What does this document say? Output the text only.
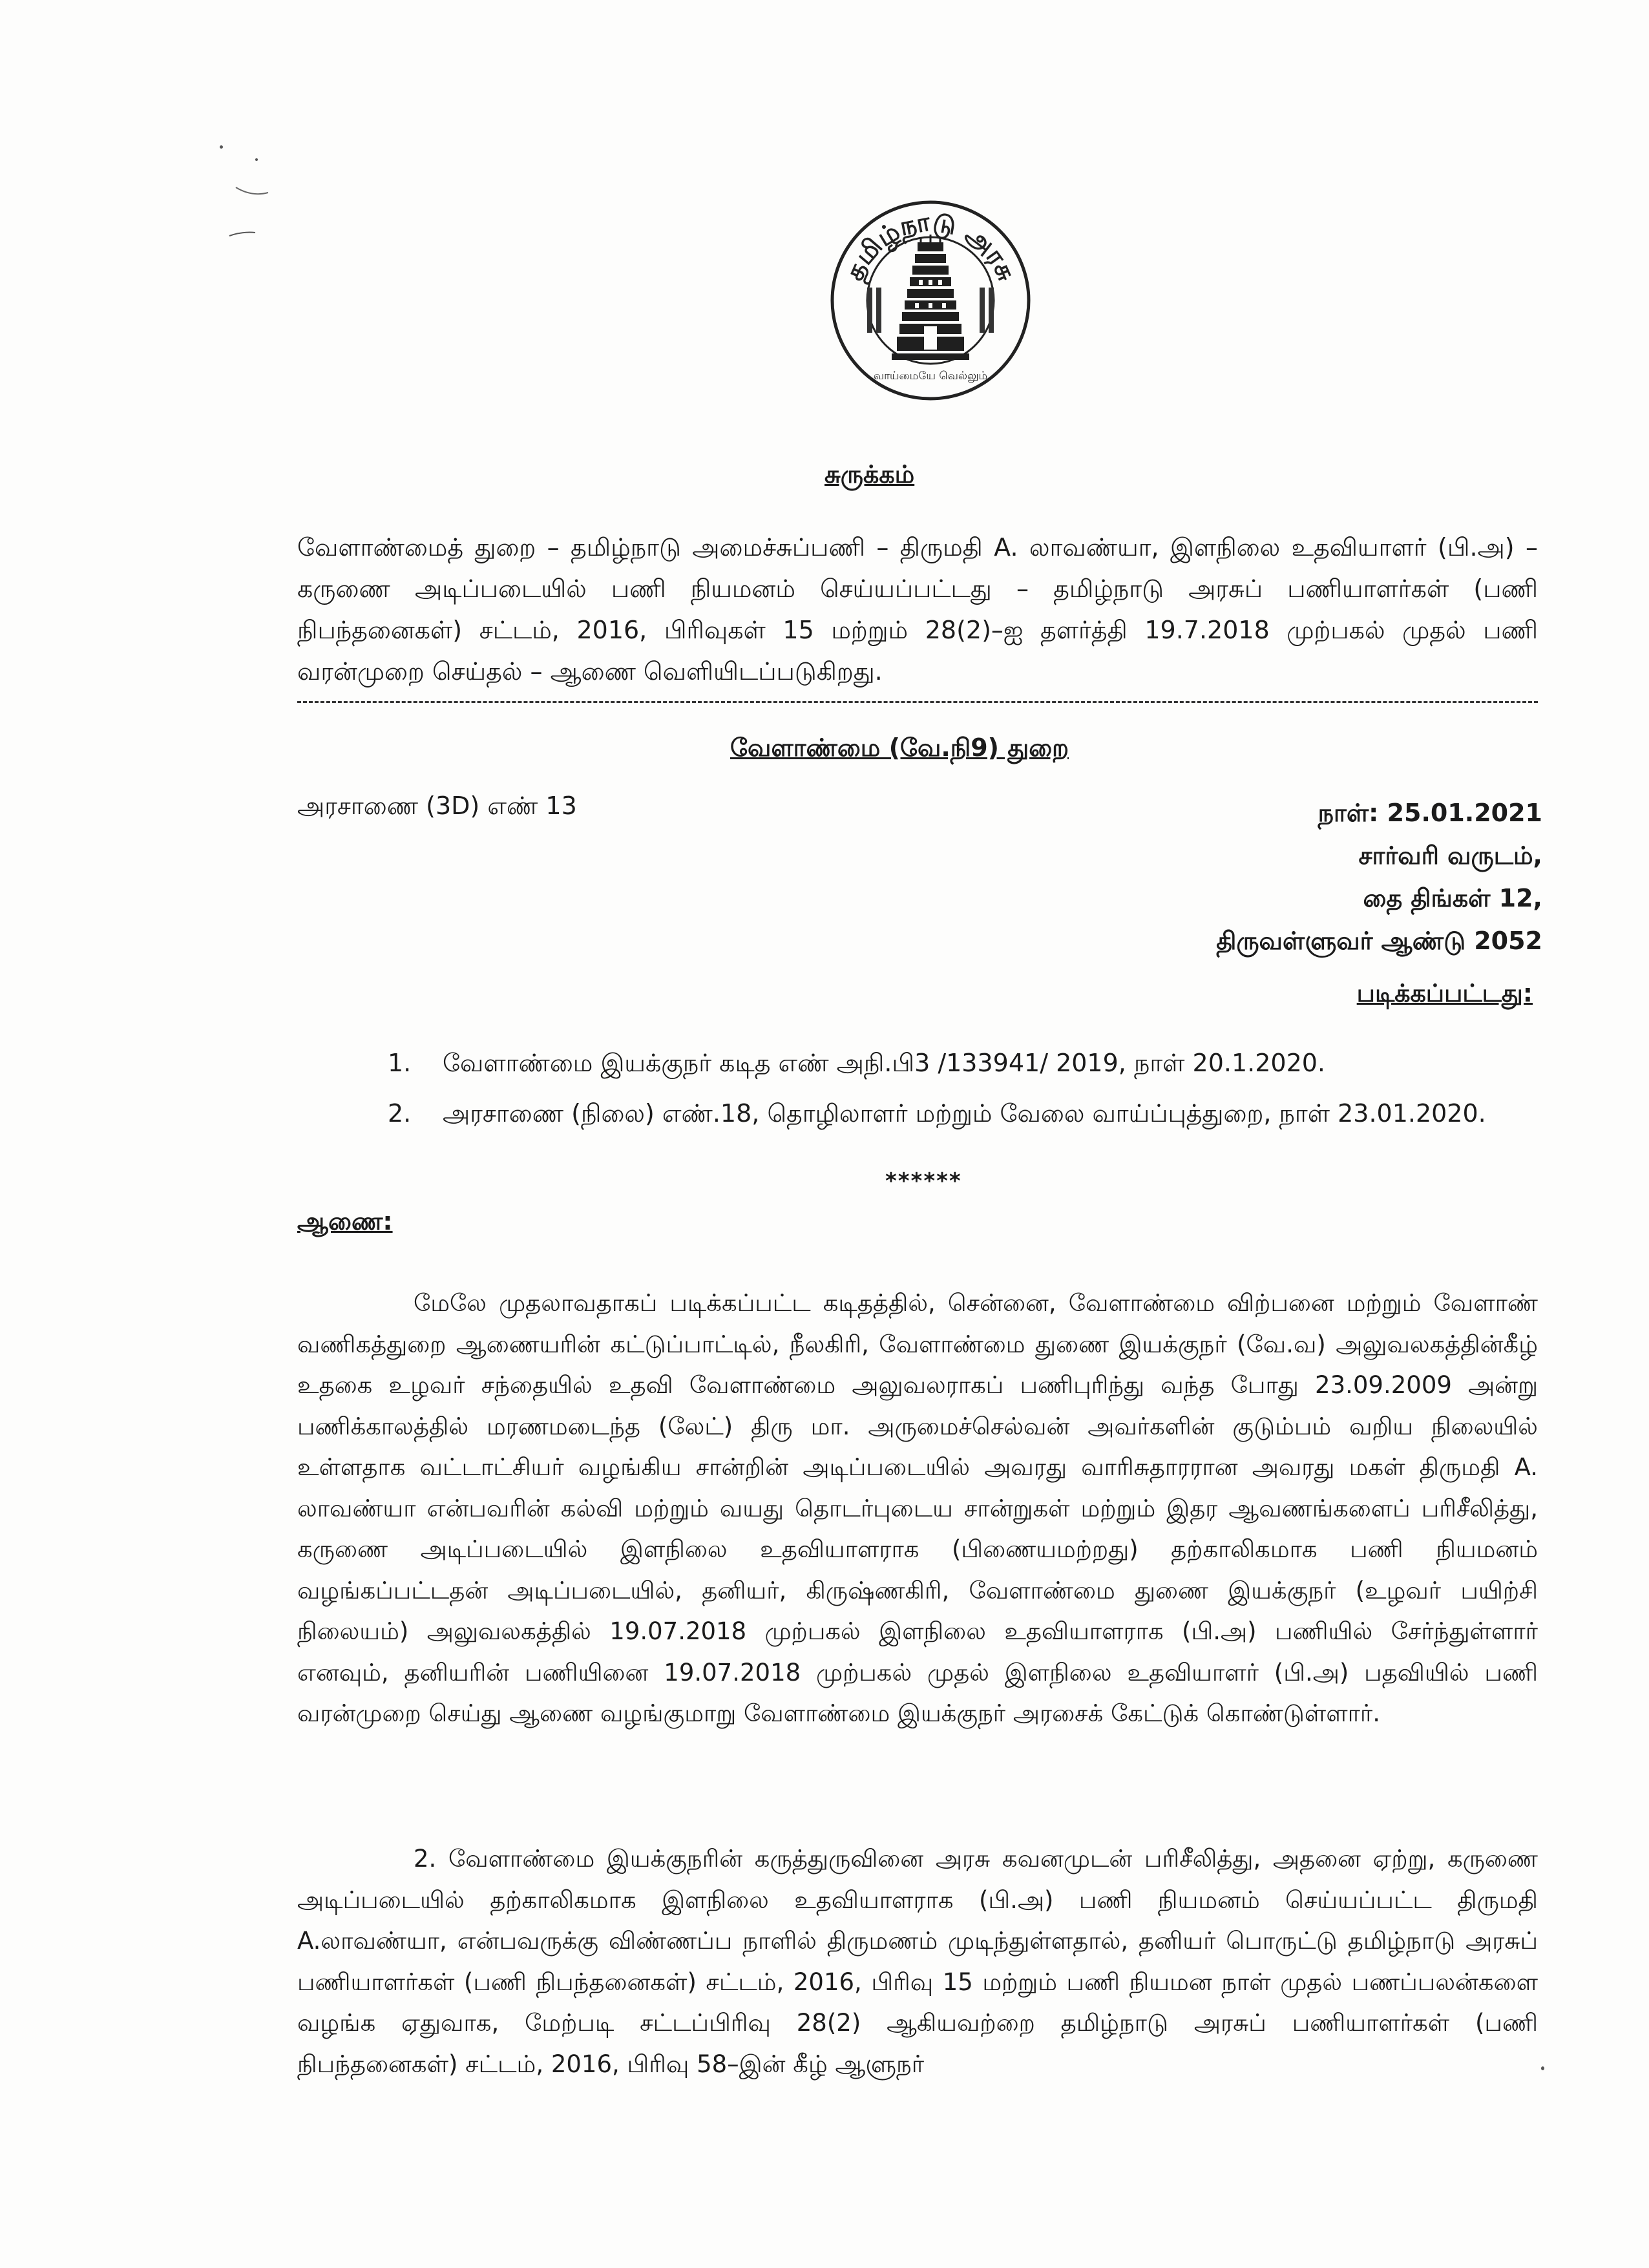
தமிழ்நாடு அரசு
வாய்மையே வெல்லும்
சுருக்கம்
வேளாண்மைத் துறை – தமிழ்நாடு அமைச்சுப்பணி – திருமதி A. லாவண்யா, இளநிலை உதவியாளர் (பி.அ) – கருணை அடிப்படையில் பணி நியமனம் செய்யப்பட்டது – தமிழ்நாடு அரசுப் பணியாளர்கள் (பணி நிபந்தனைகள்) சட்டம், 2016, பிரிவுகள் 15 மற்றும் 28(2)–ஐ தளர்த்தி 19.7.2018 முற்பகல் முதல் பணி வரன்முறை செய்தல் – ஆணை வெளியிடப்படுகிறது.
வேளாண்மை (வே.நி9) துறை
அரசாணை (3D) எண் 13	நாள்: 25.01.2021
சார்வரி வருடம்,
தை திங்கள் 12,
திருவள்ளுவர் ஆண்டு 2052
படிக்கப்பட்டது:
1.	வேளாண்மை இயக்குநர் கடித எண் அநி.பி3 /133941/ 2019, நாள் 20.1.2020.
2.	அரசாணை (நிலை) எண்.18, தொழிலாளர் மற்றும் வேலை வாய்ப்புத்துறை, நாள் 23.01.2020.
******
ஆணை:
மேலே முதலாவதாகப் படிக்கப்பட்ட கடிதத்தில், சென்னை, வேளாண்மை விற்பனை மற்றும் வேளாண் வணிகத்துறை ஆணையரின் கட்டுப்பாட்டில், நீலகிரி, வேளாண்மை துணை இயக்குநர் (வே.வ) அலுவலகத்தின்கீழ் உதகை உழவர் சந்தையில் உதவி வேளாண்மை அலுவலராகப் பணிபுரிந்து வந்த போது 23.09.2009 அன்று பணிக்காலத்தில் மரணமடைந்த (லேட்) திரு மா. அருமைச்செல்வன் அவர்களின் குடும்பம் வறிய நிலையில் உள்ளதாக வட்டாட்சியர் வழங்கிய சான்றின் அடிப்படையில் அவரது வாரிசுதாரரான அவரது மகள் திருமதி A. லாவண்யா என்பவரின் கல்வி மற்றும் வயது தொடர்புடைய சான்றுகள் மற்றும் இதர ஆவணங்களைப் பரிசீலித்து, கருணை அடிப்படையில் இளநிலை உதவியாளராக (பிணையமற்றது) தற்காலிகமாக பணி நியமனம் வழங்கப்பட்டதன் அடிப்படையில், தனியர், கிருஷ்ணகிரி, வேளாண்மை துணை இயக்குநர் (உழவர் பயிற்சி நிலையம்) அலுவலகத்தில் 19.07.2018 முற்பகல் இளநிலை உதவியாளராக (பி.அ) பணியில் சேர்ந்துள்ளார் எனவும், தனியரின் பணியினை 19.07.2018 முற்பகல் முதல் இளநிலை உதவியாளர் (பி.அ) பதவியில் பணி வரன்முறை செய்து ஆணை வழங்குமாறு வேளாண்மை இயக்குநர் அரசைக் கேட்டுக் கொண்டுள்ளார்.
2. வேளாண்மை இயக்குநரின் கருத்துருவினை அரசு கவனமுடன் பரிசீலித்து, அதனை ஏற்று, கருணை அடிப்படையில் தற்காலிகமாக இளநிலை உதவியாளராக (பி.அ) பணி நியமனம் செய்யப்பட்ட திருமதி A.லாவண்யா, என்பவருக்கு விண்ணப்ப நாளில் திருமணம் முடிந்துள்ளதால், தனியர் பொருட்டு தமிழ்நாடு அரசுப் பணியாளர்கள் (பணி நிபந்தனைகள்) சட்டம், 2016, பிரிவு 15 மற்றும் பணி நியமன நாள் முதல் பணப்பலன்களை வழங்க ஏதுவாக, மேற்படி சட்டப்பிரிவு 28(2) ஆகியவற்றை தமிழ்நாடு அரசுப் பணியாளர்கள் (பணி நிபந்தனைகள்) சட்டம், 2016, பிரிவு 58–இன் கீழ் ஆளுநர்
